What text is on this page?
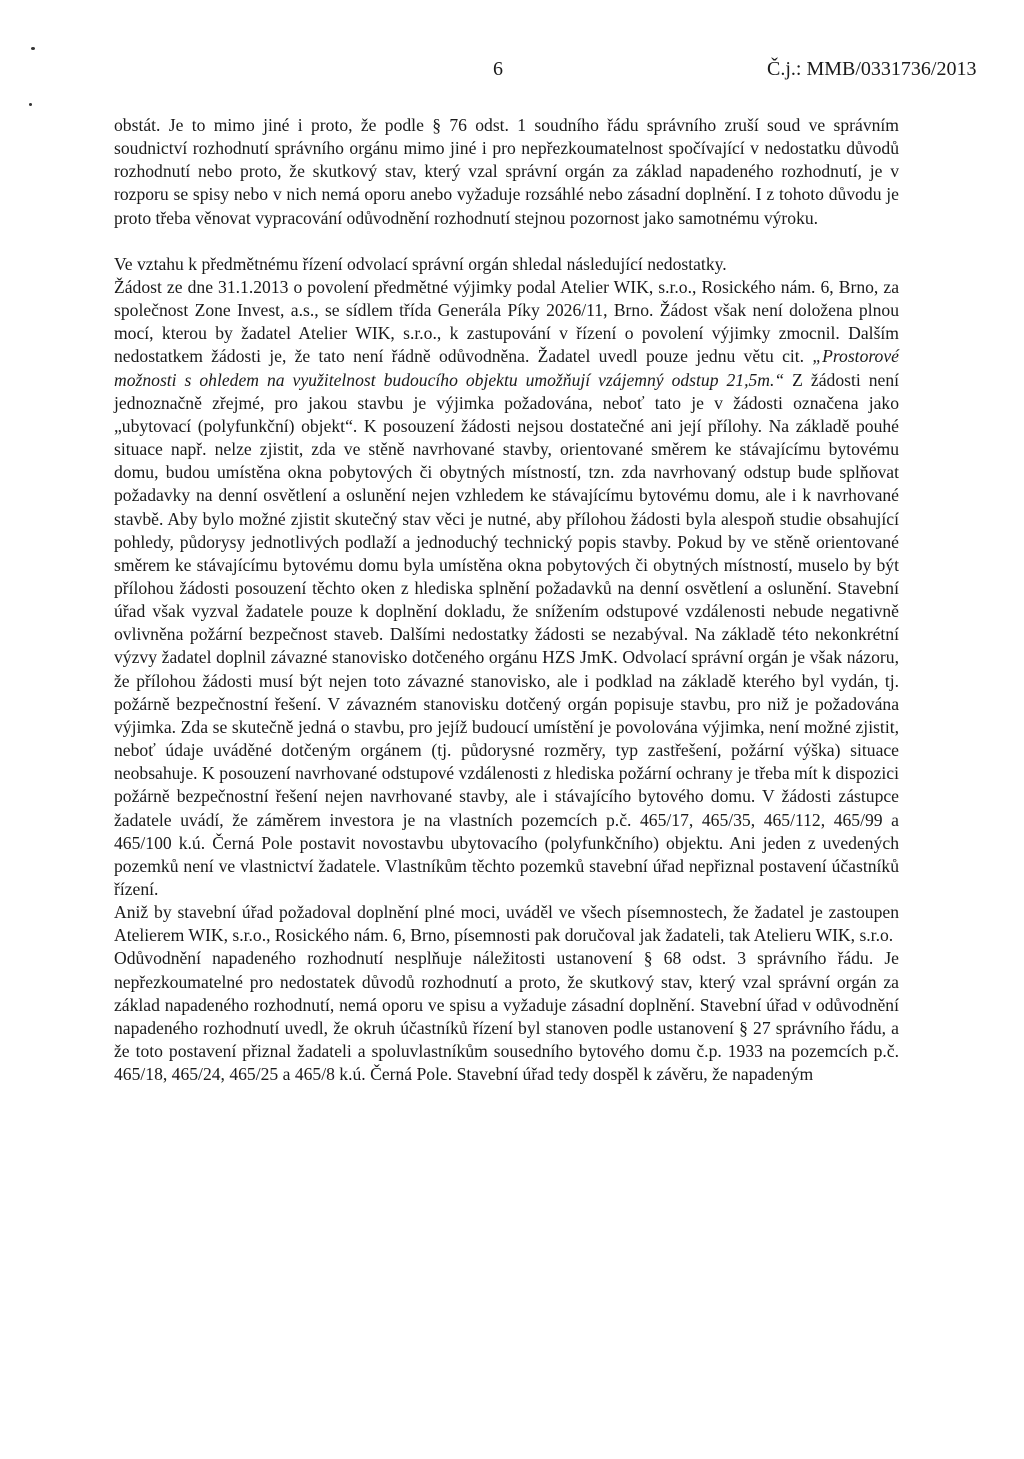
6	Č.j.: MMB/0331736/2013

obstát. Je to mimo jiné i proto, že podle § 76 odst. 1 soudního řádu správního zruší soud ve správním soudnictví rozhodnutí správního orgánu mimo jiné i pro nepřezkoumatelnost spočívající v nedostatku důvodů rozhodnutí nebo proto, že skutkový stav, který vzal správní orgán za základ napadeného rozhodnutí, je v rozporu se spisy nebo v nich nemá oporu anebo vyžaduje rozsáhlé nebo zásadní doplnění. I z tohoto důvodu je proto třeba věnovat vypracování odůvodnění rozhodnutí stejnou pozornost jako samotnému výroku.

Ve vztahu k předmětnému řízení odvolací správní orgán shledal následující nedostatky.

Žádost ze dne 31.1.2013 o povolení předmětné výjimky podal Atelier WIK, s.r.o., Rosického nám. 6, Brno, za společnost Zone Invest, a.s., se sídlem třída Generála Píky 2026/11, Brno. Žádost však není doložena plnou mocí, kterou by žadatel Atelier WIK, s.r.o., k zastupování v řízení o povolení výjimky zmocnil. Dalším nedostatkem žádosti je, že tato není řádně odůvodněna. Žadatel uvedl pouze jednu větu cit. „Prostorové možnosti s ohledem na využitelnost budoucího objektu umožňují vzájemný odstup 21,5m.“ Z žádosti není jednoznačně zřejmé, pro jakou stavbu je výjimka požadována, neboť tato je v žádosti označena jako „ubytovací (polyfunkční) objekt“. K posouzení žádosti nejsou dostatečné ani její přílohy. Na základě pouhé situace např. nelze zjistit, zda ve stěně navrhované stavby, orientované směrem ke stávajícímu bytovému domu, budou umístěna okna pobytových či obytných místností, tzn. zda navrhovaný odstup bude splňovat požadavky na denní osvětlení a oslunění nejen vzhledem ke stávajícímu bytovému domu, ale i k navrhované stavbě. Aby bylo možné zjistit skutečný stav věci je nutné, aby přílohou žádosti byla alespoň studie obsahující pohledy, půdorysy jednotlivých podlaží a jednoduchý technický popis stavby. Pokud by ve stěně orientované směrem ke stávajícímu bytovému domu byla umístěna okna pobytových či obytných místností, muselo by být přílohou žádosti posouzení těchto oken z hlediska splnění požadavků na denní osvětlení a oslunění. Stavební úřad však vyzval žadatele pouze k doplnění dokladu, že snížením odstupové vzdálenosti nebude negativně ovlivněna požární bezpečnost staveb. Dalšími nedostatky žádosti se nezabýval. Na základě této nekonkrétní výzvy žadatel doplnil závazné stanovisko dotčeného orgánu HZS JmK. Odvolací správní orgán je však názoru, že přílohou žádosti musí být nejen toto závazné stanovisko, ale i podklad na základě kterého byl vydán, tj. požárně bezpečnostní řešení. V závazném stanovisku dotčený orgán popisuje stavbu, pro niž je požadována výjimka. Zda se skutečně jedná o stavbu, pro jejíž budoucí umístění je povolována výjimka, není možné zjistit, neboť údaje uváděné dotčeným orgánem (tj. půdorysné rozměry, typ zastřešení, požární výška) situace neobsahuje. K posouzení navrhované odstupové vzdálenosti z hlediska požární ochrany je třeba mít k dispozici požárně bezpečnostní řešení nejen navrhované stavby, ale i stávajícího bytového domu. V žádosti zástupce žadatele uvádí, že záměrem investora je na vlastních pozemcích p.č. 465/17, 465/35, 465/112, 465/99 a 465/100 k.ú. Černá Pole postavit novostavbu ubytovacího (polyfunkčního) objektu. Ani jeden z uvedených pozemků není ve vlastnictví žadatele. Vlastníkům těchto pozemků stavební úřad nepřiznal postavení účastníků řízení.

Aniž by stavební úřad požadoval doplnění plné moci, uváděl ve všech písemnostech, že žadatel je zastoupen Atelierem WIK, s.r.o., Rosického nám. 6, Brno, písemnosti pak doručoval jak žadateli, tak Atelieru WIK, s.r.o.

Odůvodnění napadeného rozhodnutí nesplňuje náležitosti ustanovení § 68 odst. 3 správního řádu. Je nepřezkoumatelné pro nedostatek důvodů rozhodnutí a proto, že skutkový stav, který vzal správní orgán za základ napadeného rozhodnutí, nemá oporu ve spisu a vyžaduje zásadní doplnění. Stavební úřad v odůvodnění napadeného rozhodnutí uvedl, že okruh účastníků řízení byl stanoven podle ustanovení § 27 správního řádu, a že toto postavení přiznal žadateli a spoluvlastníkům sousedního bytového domu č.p. 1933 na pozemcích p.č. 465/18, 465/24, 465/25 a 465/8 k.ú. Černá Pole. Stavební úřad tedy dospěl k závěru, že napadeným
